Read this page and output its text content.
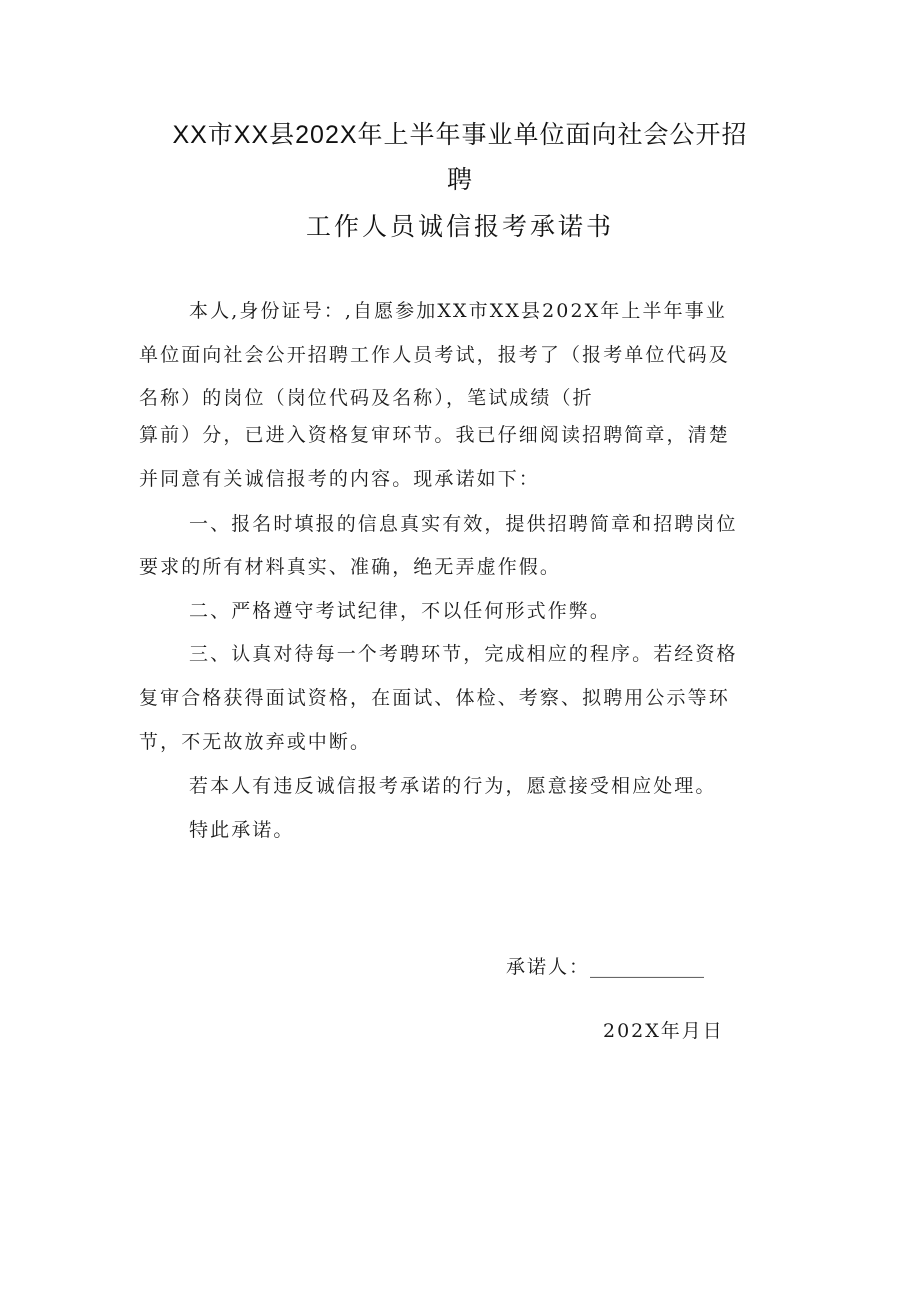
XX市XX县202X年上半年事业单位面向社会公开招
聘
工作人员诚信报考承诺书

本人,身份证号：,自愿参加XX市XX县202X年上半年事业

单位面向社会公开招聘工作人员考试，报考了（报考单位代码及

名称）的岗位（岗位代码及名称），笔试成绩（折

算前）分，已进入资格复审环节。我已仔细阅读招聘简章，清楚

并同意有关诚信报考的内容。现承诺如下：

一、报名时填报的信息真实有效，提供招聘简章和招聘岗位

要求的所有材料真实、准确，绝无弄虚作假。

二、严格遵守考试纪律，不以任何形式作弊。

三、认真对待每一个考聘环节，完成相应的程序。若经资格

复审合格获得面试资格，在面试、体检、考察、拟聘用公示等环

节，不无故放弃或中断。

若本人有违反诚信报考承诺的行为，愿意接受相应处理。

特此承诺。

承诺人：____________

202X年月日
